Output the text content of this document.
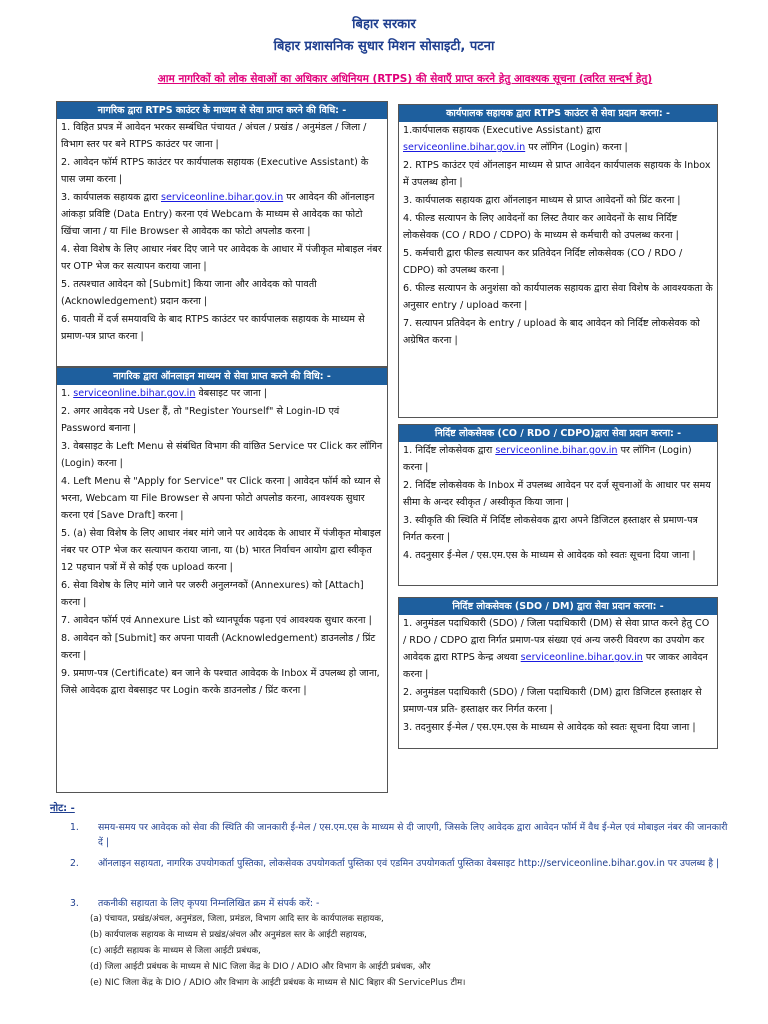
बिहार सरकार
बिहार प्रशासनिक सुधार मिशन सोसाइटी, पटना
आम नागरिकों को लोक सेवाओं का अधिकार अधिनियम (RTPS) की सेवाएँ प्राप्त करने हेतु आवश्यक सूचना (त्वरित सन्दर्भ हेतु)
नागरिक द्वारा RTPS काउंटर के माध्यम से सेवा प्राप्त करने की विधि: -
1. विहित प्रपत्र में आवेदन भरकर सम्बंधित पंचायत / अंचल / प्रखंड / अनुमंडल / जिला / विभाग स्तर पर बने RTPS काउंटर पर जाना |
2. आवेदन फॉर्म RTPS काउंटर पर कार्यपालक सहायक (Executive Assistant) के पास जमा करना |
3. कार्यपालक सहायक द्वारा serviceonline.bihar.gov.in पर आवेदन की ऑनलाइन आंकड़ा प्रविष्टि (Data Entry) करना एवं Webcam के माध्यम से आवेदक का फोटो खिंचा जाना / या File Browser से आवेदक का फोटो अपलोड करना |
4. सेवा विशेष के लिए आधार नंबर दिए जाने पर आवेदक के आधार में पंजीकृत मोबाइल नंबर पर OTP भेज कर सत्यापन कराया जाना |
5. तत्पश्चात आवेदन को [Submit] किया जाना और आवेदक को पावती (Acknowledgement) प्रदान करना |
6. पावती में दर्ज समयावधि के बाद RTPS काउंटर पर कार्यपालक सहायक के माध्यम से प्रमाण-पत्र प्राप्त करना |
नागरिक द्वारा ऑनलाइन माध्यम से सेवा प्राप्त करने की विधि: -
1. serviceonline.bihar.gov.in वेबसाइट पर जाना |
2. अगर आवेदक नये User हैं, तो "Register Yourself" से Login-ID एवं Password बनाना |
3. वेबसाइट के Left Menu से संबंधित विभाग की वांछित Service पर Click कर लॉगिन (Login) करना |
4. Left Menu से "Apply for Service" पर Click करना | आवेदन फॉर्म को ध्यान से भरना, Webcam या File Browser से अपना फोटो अपलोड करना, आवश्यक सुधार करना एवं [Save Draft] करना |
5. (a) सेवा विशेष के लिए आधार नंबर मांगे जाने पर आवेदक के आधार में पंजीकृत मोबाइल नंबर पर OTP भेज कर सत्यापन कराया जाना, या (b) भारत निर्वाचन आयोग द्वारा स्वीकृत 12 पहचान पत्रों में से कोई एक upload करना |
6. सेवा विशेष के लिए मांगे जाने पर जरुरी अनुलग्नकों (Annexures) को [Attach] करना |
7. आवेदन फॉर्म एवं Annexure List को ध्यानपूर्वक पढ़ना एवं आवश्यक सुधार करना |
8. आवेदन को [Submit] कर अपना पावती (Acknowledgement) डाउनलोड / प्रिंट करना |
9. प्रमाण-पत्र (Certificate) बन जाने के पश्चात आवेदक के Inbox में उपलब्ध हो जाना, जिसे आवेदक द्वारा वेबसाइट पर Login करके डाउनलोड / प्रिंट करना |
कार्यपालक सहायक द्वारा RTPS काउंटर से सेवा प्रदान करना: -
1.कार्यपालक सहायक (Executive Assistant) द्वारा serviceonline.bihar.gov.in पर लॉगिन (Login) करना |
2. RTPS काउंटर एवं ऑनलाइन माध्यम से प्राप्त आवेदन कार्यपालक सहायक के Inbox में उपलब्ध होना |
3. कार्यपालक सहायक द्वारा ऑनलाइन माध्यम से प्राप्त आवेदनों को प्रिंट करना |
4. फील्ड सत्यापन के लिए आवेदनों का लिस्ट तैयार कर आवेदनों के साथ निर्दिष्ट लोकसेवक (CO / RDO / CDPO) के माध्यम से कर्मचारी को उपलब्ध करना |
5. कर्मचारी द्वारा फील्ड सत्यापन कर प्रतिवेदन निर्दिष्ट लोकसेवक (CO / RDO / CDPO) को उपलब्ध करना |
6. फील्ड सत्यापन के अनुशंसा को कार्यपालक सहायक द्वारा सेवा विशेष के आवश्यकता के अनुसार entry / upload करना |
7. सत्यापन प्रतिवेदन के entry / upload के बाद आवेदन को निर्दिष्ट लोकसेवक को अग्रेषित करना |
निर्दिष्ट लोकसेवक (CO / RDO / CDPO)द्वारा सेवा प्रदान करना: -
1. निर्दिष्ट लोकसेवक द्वारा serviceonline.bihar.gov.in पर लॉगिन (Login) करना |
2. निर्दिष्ट लोकसेवक के Inbox में उपलब्ध आवेदन पर दर्ज सूचनाओं के आधार पर समय सीमा के अन्दर स्वीकृत / अस्वीकृत किया जाना |
3. स्वीकृति की स्थिति में निर्दिष्ट लोकसेवक द्वारा अपने डिजिटल हस्ताक्षर से प्रमाण-पत्र निर्गत करना |
4. तदनुसार ई-मेल / एस.एम.एस के माध्यम से आवेदक को स्वतः सूचना दिया जाना |
निर्दिष्ट लोकसेवक (SDO / DM) द्वारा सेवा प्रदान करना: -
1. अनुमंडल पदाधिकारी (SDO) / जिला पदाधिकारी (DM) से सेवा प्राप्त करने हेतु CO / RDO / CDPO द्वारा निर्गत प्रमाण-पत्र संख्या एवं अन्य जरुरी विवरण का उपयोग कर आवेदक द्वारा RTPS केन्द्र अथवा serviceonline.bihar.gov.in पर जाकर आवेदन करना |
2. अनुमंडल पदाधिकारी (SDO) / जिला पदाधिकारी (DM) द्वारा डिजिटल हस्ताक्षर से प्रमाण-पत्र प्रति- हस्ताक्षर कर निर्गत करना |
3. तदनुसार ई-मेल / एस.एम.एस के माध्यम से आवेदक को स्वतः सूचना दिया जाना |
नोट: -
1.	समय-समय पर आवेदक को सेवा की स्थिति की जानकारी ई-मेल / एस.एम.एस के माध्यम से दी जाएगी, जिसके लिए आवेदक द्वारा आवेदन फॉर्म में वैध ई-मेल एवं मोबाइल नंबर की जानकारी दें |
2.	ऑनलाइन सहायता, नागरिक उपयोगकर्ता पुस्तिका, लोकसेवक उपयोगकर्ता पुस्तिका एवं एडमिन उपयोगकर्ता पुस्तिका वेबसाइट http://serviceonline.bihar.gov.in पर उपलब्ध है |
3.	तकनीकी सहायता के लिए कृपया निम्नलिखित क्रम में संपर्क करें: -
(a) पंचायत, प्रखंड/अंचल, अनुमंडल, जिला, प्रमंडल, विभाग आदि स्तर के कार्यपालक सहायक,
(b) कार्यपालक सहायक के माध्यम से प्रखंड/अंचल और अनुमंडल स्तर के आईटी सहायक,
(c) आईटी सहायक के माध्यम से जिला आईटी प्रबंधक,
(d) जिला आईटी प्रबंधक के माध्यम से NIC जिला केंद्र के DIO / ADIO और विभाग के आईटी प्रबंधक, और
(e) NIC जिला केंद्र के DIO / ADIO और विभाग के आईटी प्रबंधक के माध्यम से NIC बिहार की ServicePlus टीम।
